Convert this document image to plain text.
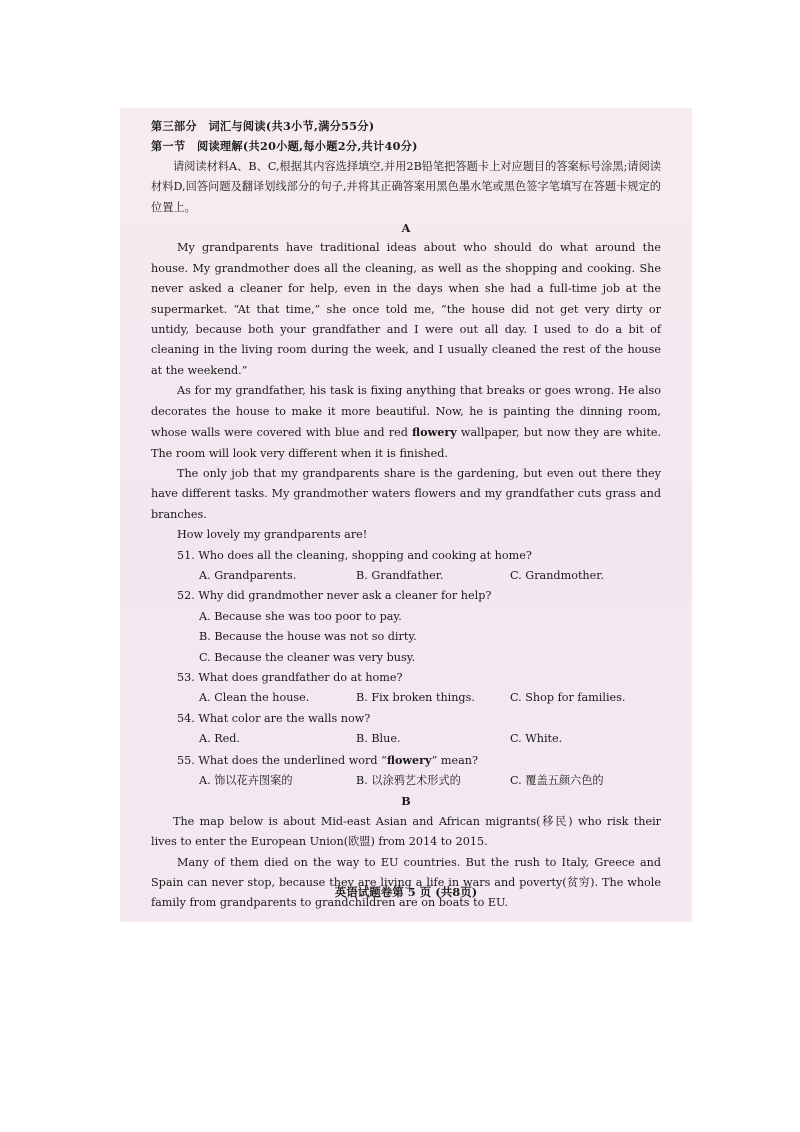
第三部分　词汇与阅读(共3小节,满分55分)
第一节　阅读理解(共20小题,每小题2分,共计40分)
请阅读材料A、B、C,根据其内容选择填空,并用2B铅笔把答题卡上对应题目的答案标号涂黑;请阅读材料D,回答问题及翻译划线部分的句子,并将其正确答案用黑色墨水笔或黑色签字笔填写在答题卡规定的位置上。
A
My grandparents have traditional ideas about who should do what around the house. My grandmother does all the cleaning, as well as the shopping and cooking. She never asked a cleaner for help, even in the days when she had a full-time job at the supermarket. “At that time,” she once told me, “the house did not get very dirty or untidy, because both your grandfather and I were out all day. I used to do a bit of cleaning in the living room during the week, and I usually cleaned the rest of the house at the weekend.”
As for my grandfather, his task is fixing anything that breaks or goes wrong. He also decorates the house to make it more beautiful. Now, he is painting the dinning room, whose walls were covered with blue and red flowery wallpaper, but now they are white. The room will look very different when it is finished.
The only job that my grandparents share is the gardening, but even out there they have different tasks. My grandmother waters flowers and my grandfather cuts grass and branches.
How lovely my grandparents are!
51. Who does all the cleaning, shopping and cooking at home?
A. Grandparents.	B. Grandfather.	C. Grandmother.
52. Why did grandmother never ask a cleaner for help?
A. Because she was too poor to pay.
B. Because the house was not so dirty.
C. Because the cleaner was very busy.
53. What does grandfather do at home?
A. Clean the house.	B. Fix broken things.	C. Shop for families.
54. What color are the walls now?
A. Red.	B. Blue.	C. White.
55. What does the underlined word “flowery” mean?
A. 饰以花卉图案的	B. 以涂鸦艺术形式的	C. 覆盖五颜六色的
B
The map below is about Mid-east Asian and African migrants(移民) who risk their lives to enter the European Union(欧盟) from 2014 to 2015.
Many of them died on the way to EU countries. But the rush to Italy, Greece and Spain can never stop, because they are living a life in wars and poverty(贫穷). The whole family from grandparents to grandchildren are on boats to EU.
英语试题卷第 5 页 (共8页)
